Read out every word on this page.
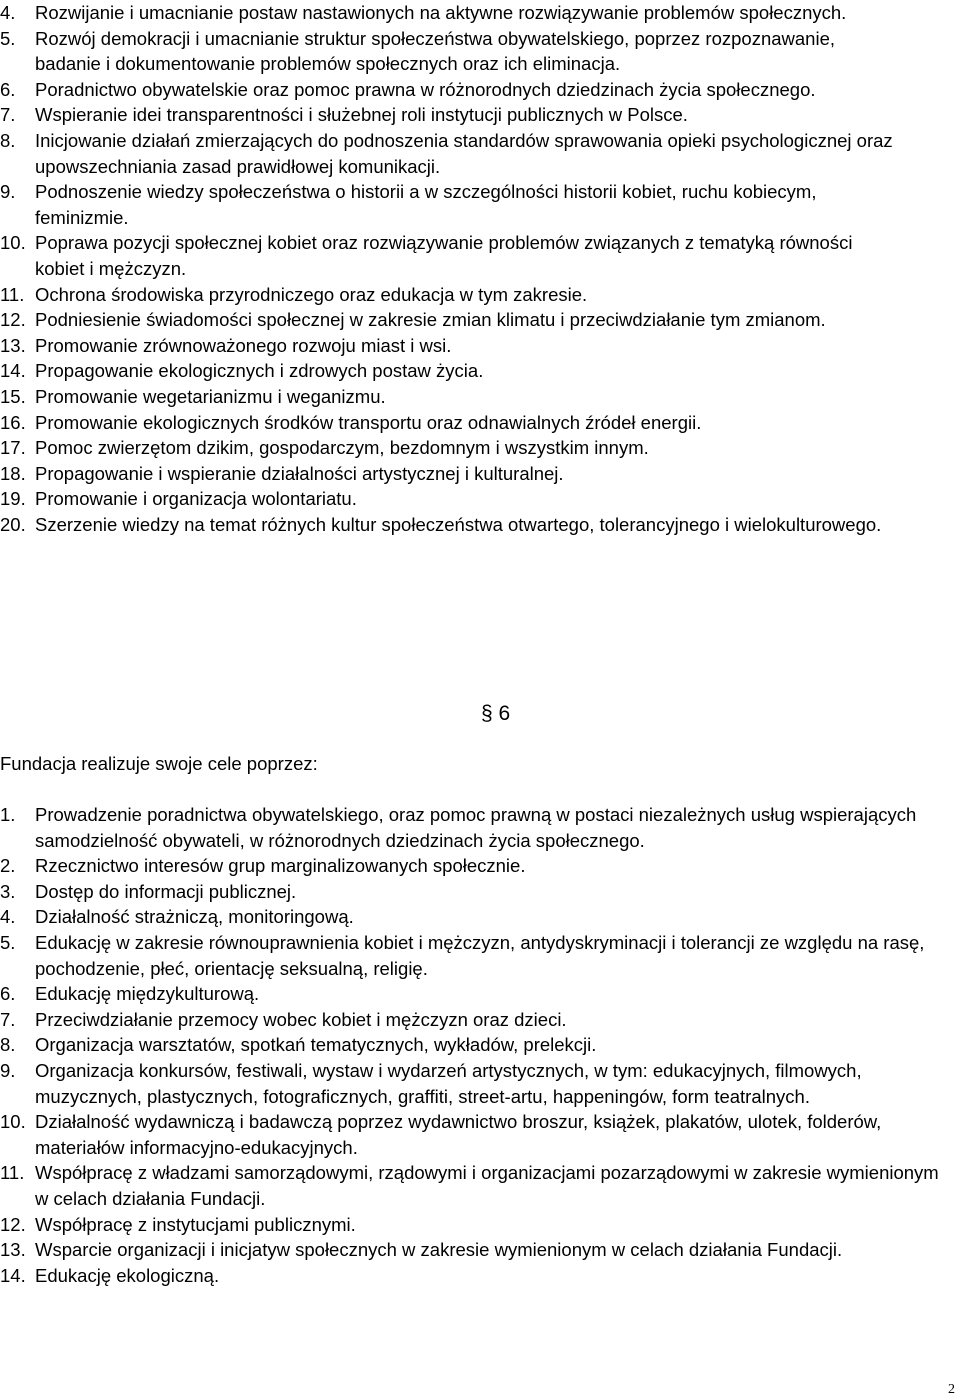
4.	Rozwijanie i umacnianie postaw nastawionych na aktywne rozwiązywanie problemów społecznych.
5.	Rozwój demokracji i umacnianie struktur społeczeństwa obywatelskiego, poprzez rozpoznawanie, badanie i dokumentowanie problemów społecznych oraz ich eliminacja.
6.	Poradnictwo obywatelskie oraz pomoc prawna w różnorodnych dziedzinach życia społecznego.
7.	Wspieranie idei transparentności i służebnej roli instytucji publicznych w Polsce.
8.	Inicjowanie działań zmierzających do podnoszenia standardów sprawowania opieki psychologicznej oraz upowszechniania zasad prawidłowej komunikacji.
9.	Podnoszenie wiedzy społeczeństwa o historii a w szczególności historii kobiet, ruchu kobiecym, feminizmie.
10. Poprawa pozycji społecznej kobiet oraz rozwiązywanie problemów związanych z tematyką równości kobiet i mężczyzn.
11. Ochrona środowiska przyrodniczego oraz edukacja w tym zakresie.
12. Podniesienie świadomości społecznej w zakresie zmian klimatu i przeciwdziałanie tym zmianom.
13. Promowanie zrównoważonego rozwoju miast i wsi.
14. Propagowanie ekologicznych i zdrowych postaw życia.
15. Promowanie wegetarianizmu i weganizmu.
16. Promowanie ekologicznych środków transportu oraz odnawialnych źródeł energii.
17. Pomoc zwierzętom dzikim, gospodarczym, bezdomnym i wszystkim innym.
18. Propagowanie i wspieranie działalności artystycznej i kulturalnej.
19. Promowanie i organizacja wolontariatu.
20. Szerzenie wiedzy na temat różnych kultur społeczeństwa otwartego, tolerancyjnego i wielokulturowego.
§ 6
Fundacja realizuje swoje cele poprzez:
1.	Prowadzenie poradnictwa obywatelskiego, oraz pomoc prawną w postaci niezależnych usług wspierających samodzielność obywateli, w różnorodnych dziedzinach życia społecznego.
2.	Rzecznictwo interesów grup marginalizowanych społecznie.
3.	Dostęp do informacji publicznej.
4.	Działalność strażniczą, monitoringową.
5.	Edukację w zakresie równouprawnienia kobiet i mężczyzn, antydyskryminacji i tolerancji ze względu na rasę, pochodzenie, płeć, orientację seksualną, religię.
6.	Edukację międzykulturową.
7.	Przeciwdziałanie przemocy wobec kobiet i mężczyzn oraz dzieci.
8.	Organizacja warsztatów, spotkań tematycznych, wykładów, prelekcji.
9.	Organizacja konkursów, festiwali, wystaw i wydarzeń artystycznych, w tym: edukacyjnych, filmowych, muzycznych, plastycznych, fotograficznych, graffiti, street-artu, happeningów, form teatralnych.
10. Działalność wydawniczą i badawczą poprzez wydawnictwo broszur, książek, plakatów, ulotek, folderów, materiałów informacyjno-edukacyjnych.
11. Współpracę z władzami samorządowymi, rządowymi i organizacjami pozarządowymi w zakresie wymienionym w celach działania Fundacji.
12. Współpracę z instytucjami publicznymi.
13. Wsparcie organizacji i inicjatyw społecznych w zakresie wymienionym w celach działania Fundacji.
14. Edukację ekologiczną.
2
